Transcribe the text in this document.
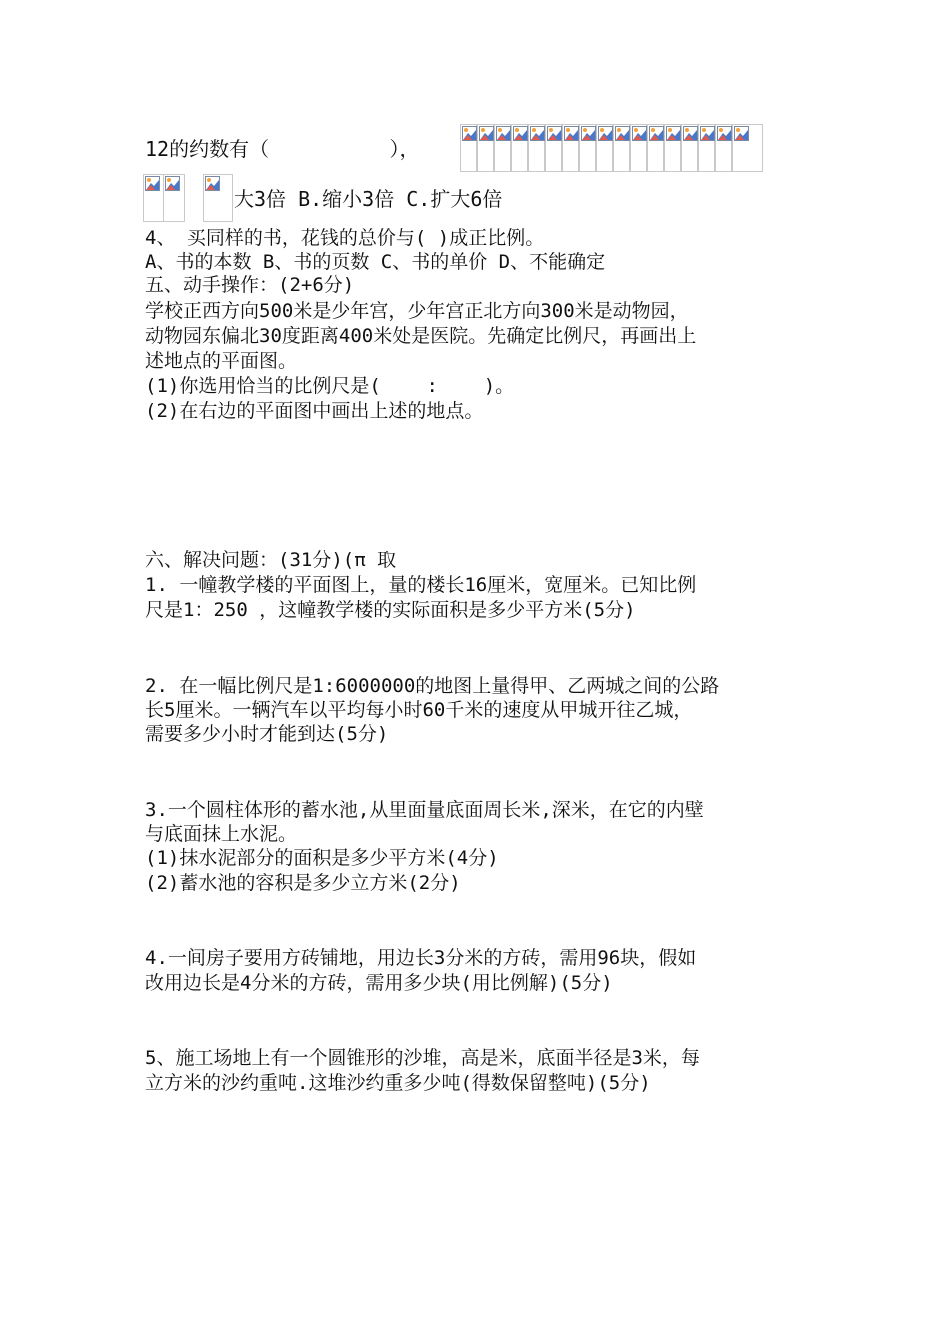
12的约数有（          ），
大3倍 B.缩小3倍 C.扩大6倍
4、 买同样的书，花钱的总价与( )成正比例。
A、书的本数 B、书的页数 C、书的单价 D、不能确定
五、动手操作：(2+6分)
学校正西方向500米是少年宫，少年宫正北方向300米是动物园，
动物园东偏北30度距离400米处是医院。先确定比例尺，再画出上
述地点的平面图。
(1)你选用恰当的比例尺是(    :    )。
(2)在右边的平面图中画出上述的地点。
六、解决问题：(31分)(π 取
1. 一幢教学楼的平面图上，量的楼长16厘米，宽厘米。已知比例
尺是1：250 ，这幢教学楼的实际面积是多少平方米(5分)
2. 在一幅比例尺是1:6000000的地图上量得甲、乙两城之间的公路
长5厘米。一辆汽车以平均每小时60千米的速度从甲城开往乙城，
需要多少小时才能到达(5分)
3.一个圆柱体形的蓄水池,从里面量底面周长米,深米，在它的内壁
与底面抹上水泥。
(1)抹水泥部分的面积是多少平方米(4分)
(2)蓄水池的容积是多少立方米(2分)
4.一间房子要用方砖铺地，用边长3分米的方砖，需用96块，假如
改用边长是4分米的方砖，需用多少块(用比例解)(5分)
5、施工场地上有一个圆锥形的沙堆，高是米，底面半径是3米，每
立方米的沙约重吨.这堆沙约重多少吨(得数保留整吨)(5分)
